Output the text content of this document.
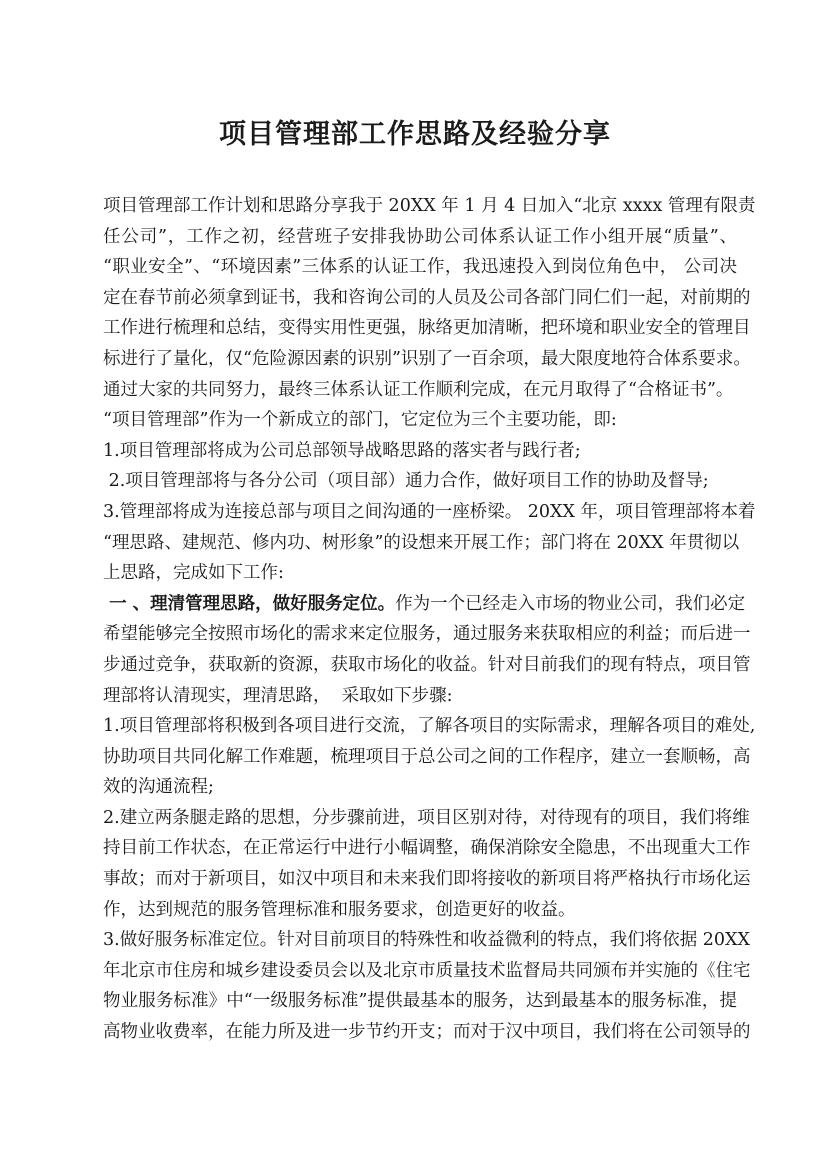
项目管理部工作思路及经验分享
项目管理部工作计划和思路分享我于 20XX 年 1 月 4 日加入“北京 xxxx 管理有限责
任公司”，工作之初，经营班子安排我协助公司体系认证工作小组开展“质量”、
“职业安全”、“环境因素”三体系的认证工作，我迅速投入到岗位角色中， 公司决
定在春节前必须拿到证书，我和咨询公司的人员及公司各部门同仁们一起，对前期的
工作进行梳理和总结，变得实用性更强，脉络更加清晰，把环境和职业安全的管理目
标进行了量化，仅“危险源因素的识别”识别了一百余项，最大限度地符合体系要求。
通过大家的共同努力，最终三体系认证工作顺利完成，在元月取得了“合格证书”。
“项目管理部”作为一个新成立的部门，它定位为三个主要功能，即:
1.项目管理部将成为公司总部领导战略思路的落实者与践行者;
2.项目管理部将与各分公司（项目部）通力合作，做好项目工作的协助及督导;
3.管理部将成为连接总部与项目之间沟通的一座桥梁。 20XX 年，项目管理部将本着
“理思路、建规范、修内功、树形象”的设想来开展工作；部门将在 20XX 年贯彻以
上思路，完成如下工作:
一 、理清管理思路，做好服务定位。作为一个已经走入市场的物业公司，我们必定
希望能够完全按照市场化的需求来定位服务，通过服务来获取相应的利益；而后进一
步通过竞争，获取新的资源，获取市场化的收益。针对目前我们的现有特点，项目管
理部将认清现实，理清思路，  采取如下步骤:
1.项目管理部将积极到各项目进行交流，了解各项目的实际需求，理解各项目的难处,
协助项目共同化解工作难题，梳理项目于总公司之间的工作程序，建立一套顺畅，高
效的沟通流程;
2.建立两条腿走路的思想，分步骤前进，项目区别对待，对待现有的项目，我们将维
持目前工作状态，在正常运行中进行小幅调整，确保消除安全隐患，不出现重大工作
事故；而对于新项目，如汉中项目和未来我们即将接收的新项目将严格执行市场化运
作，达到规范的服务管理标准和服务要求，创造更好的收益。
3.做好服务标准定位。针对目前项目的特殊性和收益微利的特点，我们将依据 20XX
年北京市住房和城乡建设委员会以及北京市质量技术监督局共同颁布并实施的《住宅
物业服务标准》中“一级服务标准”提供最基本的服务，达到最基本的服务标准，提
高物业收费率，在能力所及进一步节约开支；而对于汉中项目，我们将在公司领导的
